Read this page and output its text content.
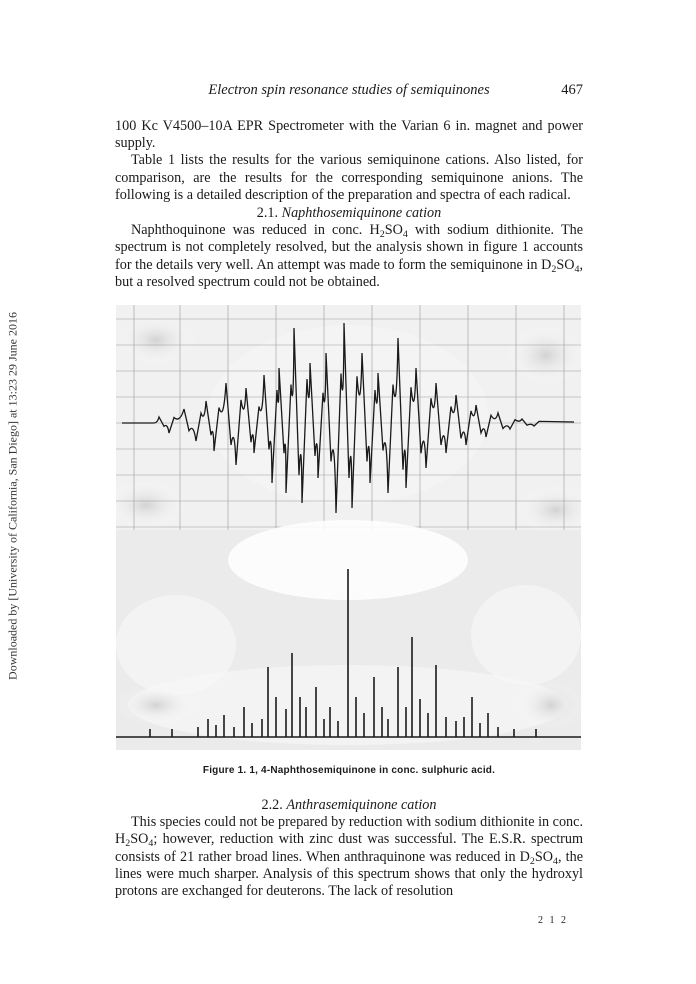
Downloaded by [University of California, San Diego] at 13:23 29 June 2016
Electron spin resonance studies of semiquinones	467

100 Kc V4500–10A EPR Spectrometer with the Varian 6 in. magnet and power supply.

Table 1 lists the results for the various semiquinone cations. Also listed, for comparison, are the results for the corresponding semiquinone anions. The following is a detailed description of the preparation and spectra of each radical.

2.1. Naphthosemiquinone cation

Naphthoquinone was reduced in conc. $H_2SO_4$ with sodium dithionite. The spectrum is not completely resolved, but the analysis shown in figure 1 accounts for the details very well. An attempt was made to form the semiquinone in $D_2SO_4$, but a resolved spectrum could not be obtained.

Figure 1. 1, 4-Naphthosemiquinone in conc. sulphuric acid.

2.2. Anthrasemiquinone cation

This species could not be prepared by reduction with sodium dithionite in conc. $H_2SO_4$; however, reduction with zinc dust was successful. The E.S.R. spectrum consists of 21 rather broad lines. When anthraquinone was reduced in $D_2SO_4$, the lines were much sharper. Analysis of this spectrum shows that only the hydroxyl protons are exchanged for deuterons. The lack of resolution

2 1 2
